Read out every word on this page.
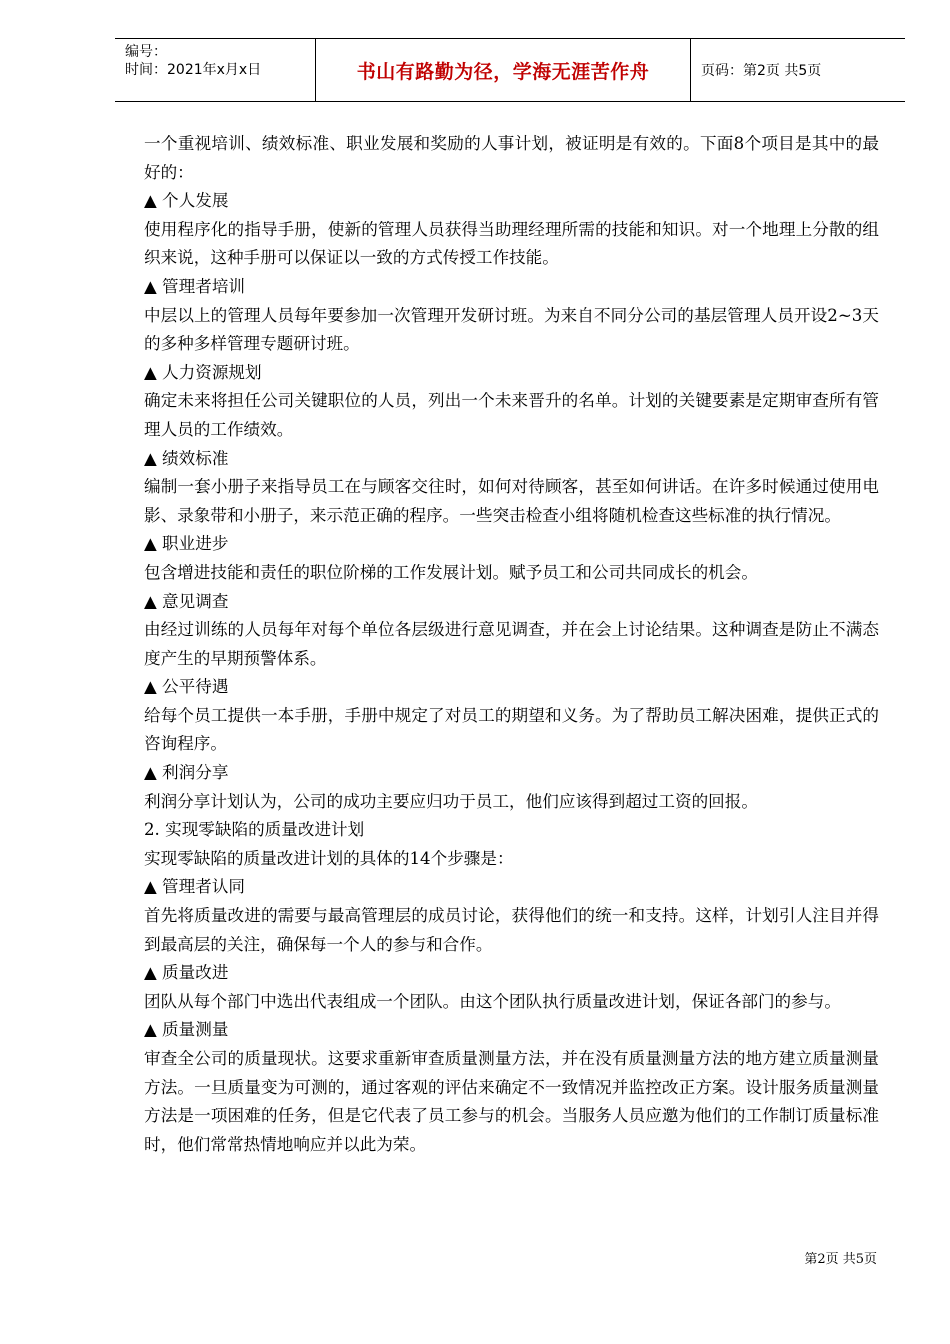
编号：
时间：2021年x月x日	书山有路勤为径，学海无涯苦作舟	页码：第2页 共5页

一个重视培训、绩效标准、职业发展和奖励的人事计划，被证明是有效的。下面8个项目是其中的最好的：

▲ 个人发展

使用程序化的指导手册，使新的管理人员获得当助理经理所需的技能和知识。对一个地理上分散的组织来说，这种手册可以保证以一致的方式传授工作技能。

▲ 管理者培训

中层以上的管理人员每年要参加一次管理开发研讨班。为来自不同分公司的基层管理人员开设2~3天的多种多样管理专题研讨班。

▲ 人力资源规划

确定未来将担任公司关键职位的人员，列出一个未来晋升的名单。计划的关键要素是定期审查所有管理人员的工作绩效。

▲ 绩效标准

编制一套小册子来指导员工在与顾客交往时，如何对待顾客，甚至如何讲话。在许多时候通过使用电影、录象带和小册子，来示范正确的程序。一些突击检查小组将随机检查这些标准的执行情况。

▲ 职业进步

包含增进技能和责任的职位阶梯的工作发展计划。赋予员工和公司共同成长的机会。

▲ 意见调查

由经过训练的人员每年对每个单位各层级进行意见调查，并在会上讨论结果。这种调查是防止不满态度产生的早期预警体系。

▲ 公平待遇

给每个员工提供一本手册，手册中规定了对员工的期望和义务。为了帮助员工解决困难，提供正式的咨询程序。

▲ 利润分享

利润分享计划认为，公司的成功主要应归功于员工，他们应该得到超过工资的回报。

2. 实现零缺陷的质量改进计划

实现零缺陷的质量改进计划的具体的14个步骤是：

▲ 管理者认同

首先将质量改进的需要与最高管理层的成员讨论，获得他们的统一和支持。这样，计划引人注目并得到最高层的关注，确保每一个人的参与和合作。

▲ 质量改进

团队从每个部门中选出代表组成一个团队。由这个团队执行质量改进计划，保证各部门的参与。

▲ 质量测量

审查全公司的质量现状。这要求重新审查质量测量方法，并在没有质量测量方法的地方建立质量测量方法。一旦质量变为可测的，通过客观的评估来确定不一致情况并监控改正方案。设计服务质量测量方法是一项困难的任务，但是它代表了员工参与的机会。当服务人员应邀为他们的工作制订质量标准时，他们常常热情地响应并以此为荣。

第2页 共5页
